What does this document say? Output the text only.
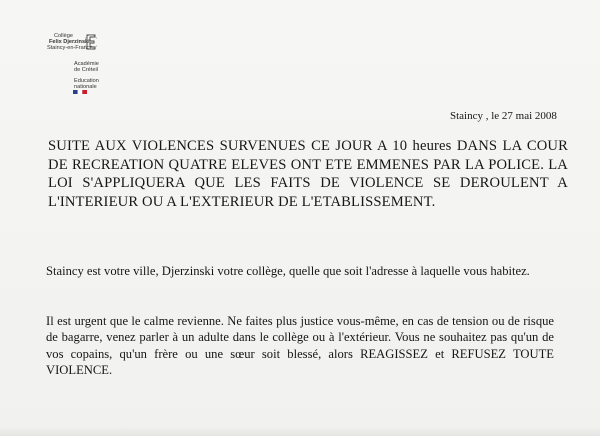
Collège
Felix Djerzinski
Staincy-en-France
Académie
de Créteil
Education
nationale
Staincy , le 27 mai 2008

SUITE AUX VIOLENCES SURVENUES CE JOUR A 10 heures DANS LA COUR DE RECREATION QUATRE ELEVES ONT ETE EMMENES PAR LA POLICE. LA LOI S'APPLIQUERA QUE LES FAITS DE VIOLENCE SE DEROULENT A L'INTERIEUR OU A L'EXTERIEUR DE L'ETABLISSEMENT.

Staincy est votre ville, Djerzinski votre collège, quelle que soit l'adresse à laquelle vous habitez.

Il est urgent que le calme revienne. Ne faites plus justice vous-même, en cas de tension ou de risque de bagarre, venez parler à un adulte dans le collège ou à l'extérieur. Vous ne souhaitez pas qu'un de vos copains, qu'un frère ou une sœur soit blessé, alors REAGISSEZ et REFUSEZ TOUTE VIOLENCE.
